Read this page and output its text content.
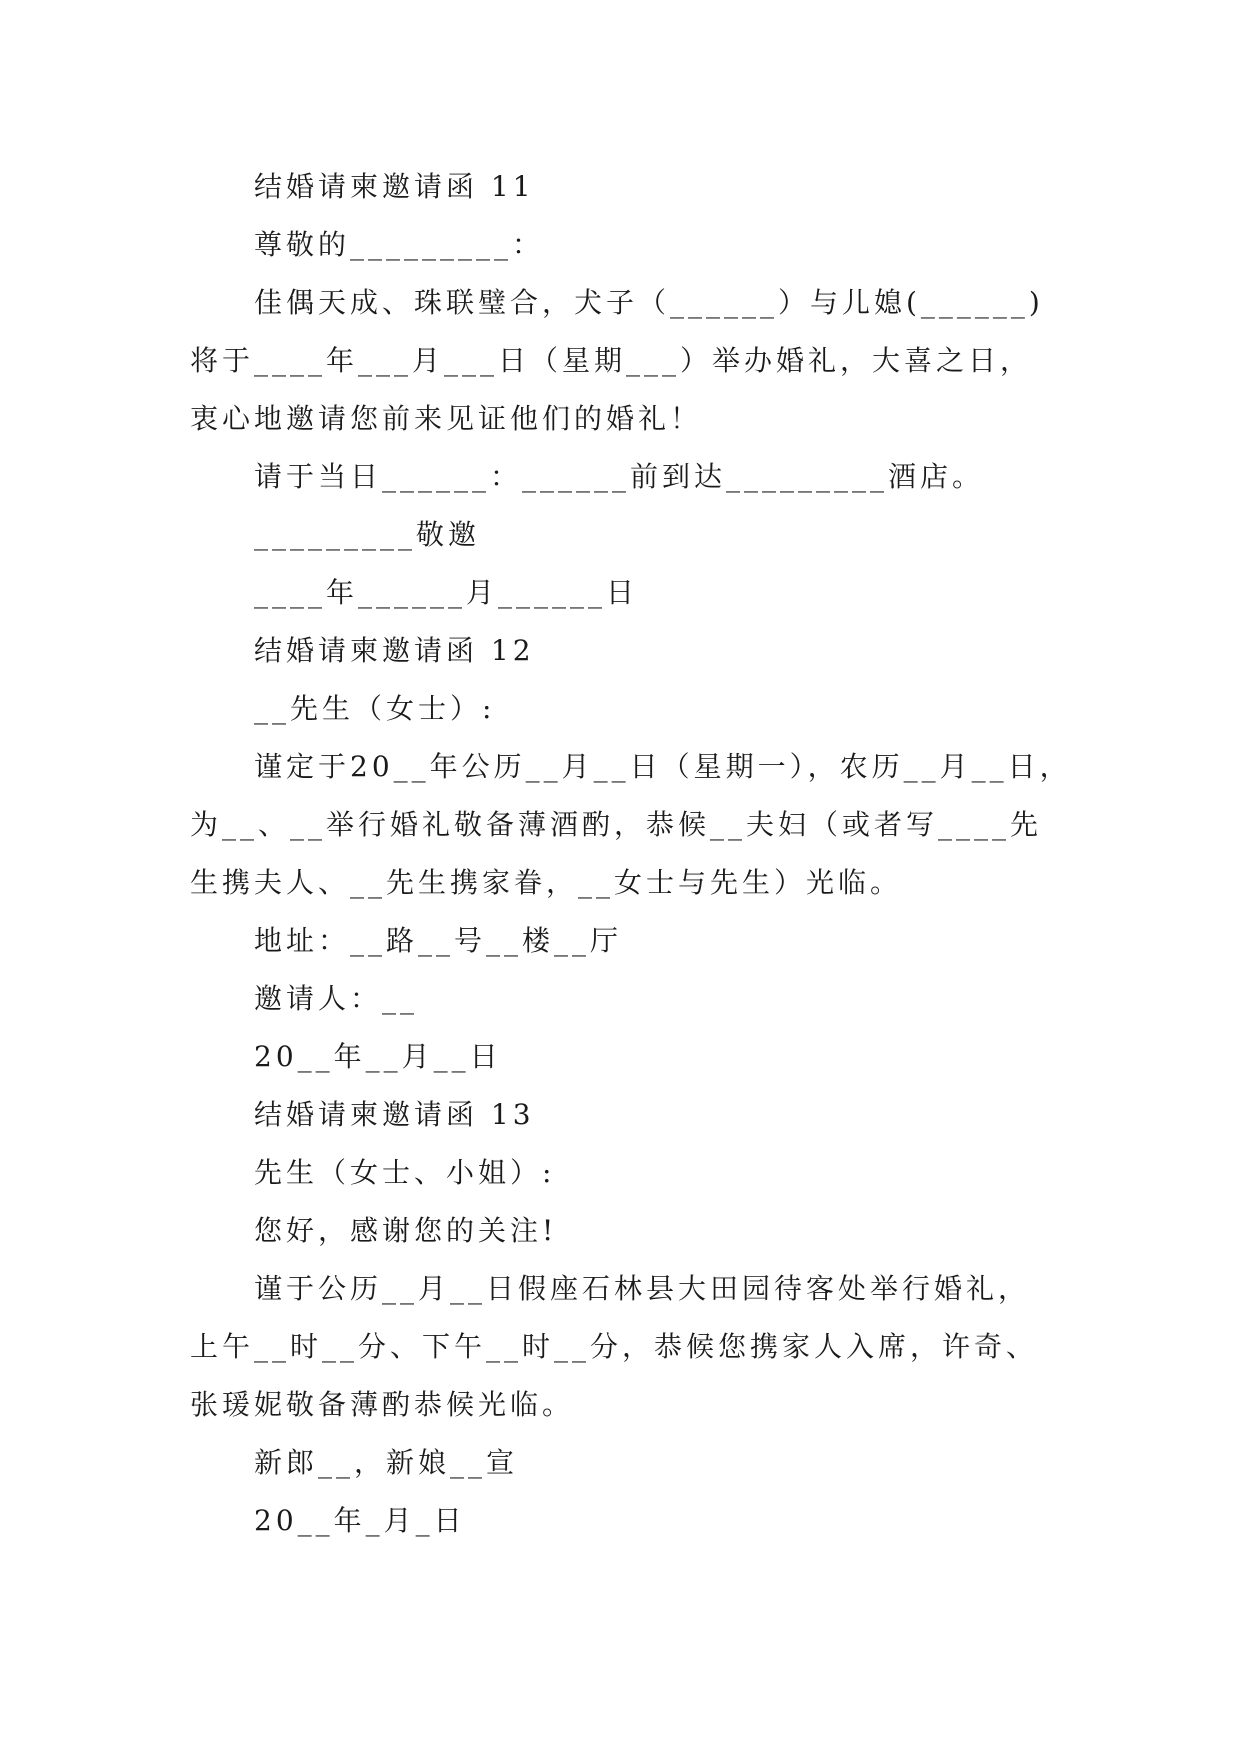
结婚请柬邀请函 11

尊敬的_________：

佳偶天成、珠联璧合，犬子（______）与儿媳(______)

将于____年___月___日（星期___）举办婚礼，大喜之日，

衷心地邀请您前来见证他们的婚礼！

请于当日______：______前到达_________酒店。

_________敬邀

____年______月______日

结婚请柬邀请函 12

__先生（女士）:

谨定于20__年公历__月__日（星期一），农历__月__日，

为__、__举行婚礼敬备薄酒酌，恭候__夫妇（或者写____先

生携夫人、__先生携家眷，__女士与先生）光临。

地址：__路__号__楼__厅

邀请人：__

20__年__月__日

结婚请柬邀请函 13

先生（女士、小姐）:

您好，感谢您的关注!

谨于公历__月__日假座石林县大田园待客处举行婚礼，

上午__时__分、下午__时__分，恭候您携家人入席，许奇、

张瑗妮敬备薄酌恭候光临。

新郎__，新娘__宣

20__年_月_日
